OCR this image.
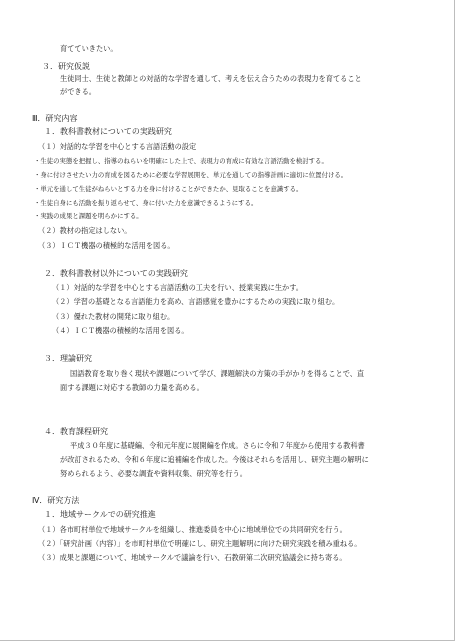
育てていきたい。
３．研究仮説
生徒同士、生徒と教師との対話的な学習を通して、考えを伝え合うための表現力を育てること
ができる。
Ⅲ．研究内容
１．教科書教材についての実践研究
（１）対話的な学習を中心とする言語活動の設定
・生徒の実態を把握し、指導のねらいを明確にした上で、表現力の育成に有効な言語活動を検討する。
・身に付けさせたい力の育成を図るために必要な学習展開を、単元を通しての指導計画に適切に位置付ける。
・単元を通して生徒がねらいとする力を身に付けることができたか、見取ることを意識する。
・生徒自身にも活動を振り返らせて、身に付いた力を意識できるようにする。
・実践の成果と課題を明らかにする。
（２）教材の指定はしない。
（３）ＩＣＴ機器の積極的な活用を図る。
２．教科書教材以外についての実践研究
（１）対話的な学習を中心とする言語活動の工夫を行い、授業実践に生かす。
（２）学習の基礎となる言語能力を高め、言語感覚を豊かにするための実践に取り組む。
（３）優れた教材の開発に取り組む。
（４）ＩＣＴ機器の積極的な活用を図る。
３．理論研究
国語教育を取り巻く現状や課題について学び、課題解決の方策の手がかりを得ることで、直
面する課題に対応する教師の力量を高める。
４．教育課程研究
平成３０年度に基礎編、令和元年度に展開編を作成。さらに令和７年度から使用する教科書
が改訂されるため、令和６年度に追補編を作成した。今後はそれらを活用し、研究主題の解明に
努められるよう、必要な調査や資料収集、研究等を行う。
Ⅳ．研究方法
１．地域サークルでの研究推進
（１）各市町村単位で地域サークルを組織し、推進委員を中心に地域単位での共同研究を行う。
（２）「研究計画（内容）」を市町村単位で明確にし、研究主題解明に向けた研究実践を積み重ねる。
（３）成果と課題について、地域サークルで議論を行い、石教研第二次研究協議会に持ち寄る。
